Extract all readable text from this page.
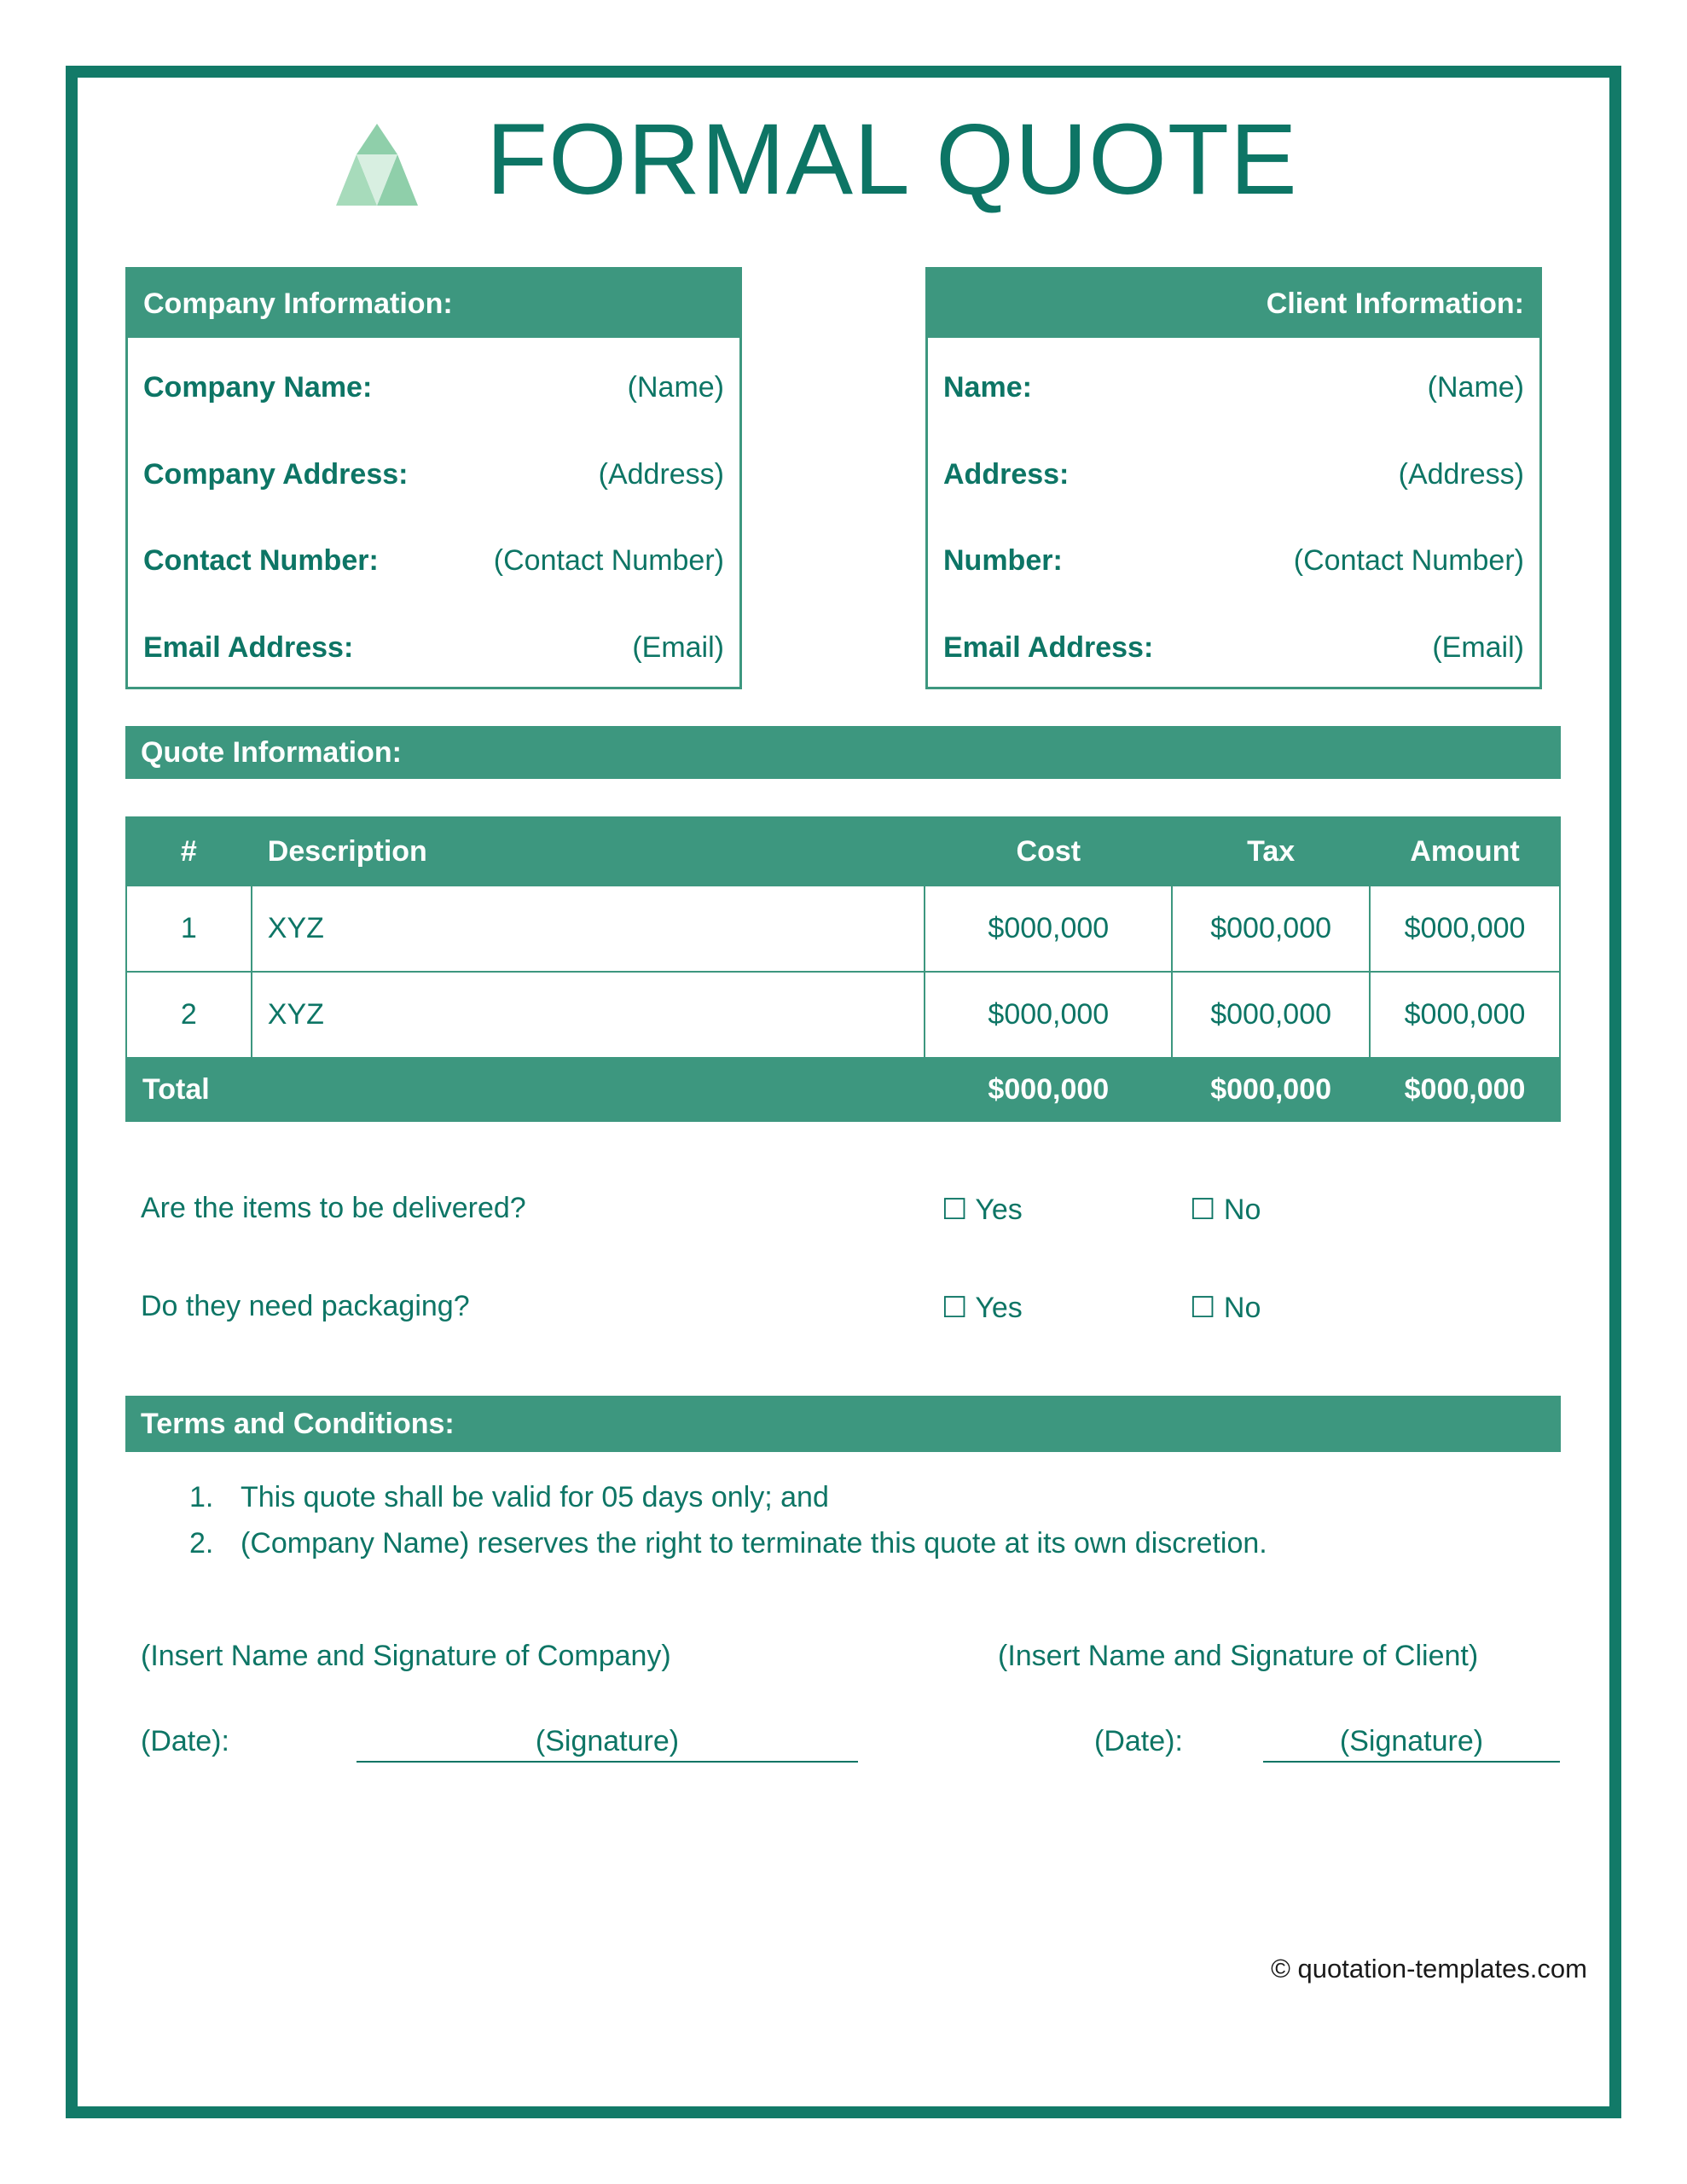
FORMAL QUOTE
Company Information:
Company Name:	(Name)
Company Address:	(Address)
Contact Number:	(Contact Number)
Email Address:	(Email)
Client Information:
Name:	(Name)
Address:	(Address)
Number:	(Contact Number)
Email Address:	(Email)
Quote Information:
#	Description	Cost	Tax	Amount
1	XYZ	$000,000	$000,000	$000,000
2	XYZ	$000,000	$000,000	$000,000
Total		$000,000	$000,000	$000,000
Are the items to be delivered?	☐ Yes	☐ No
Do they need packaging?	☐ Yes	☐ No
Terms and Conditions:
1. This quote shall be valid for 05 days only; and
2. (Company Name) reserves the right to terminate this quote at its own discretion.
(Insert Name and Signature of Company)	(Insert Name and Signature of Client)
(Date):	(Signature)	(Date):	(Signature)
© quotation-templates.com
